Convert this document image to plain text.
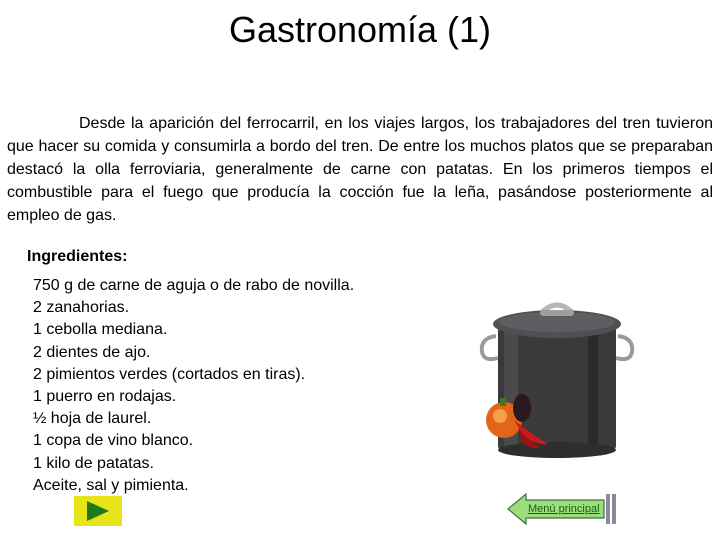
Gastronomía (1)

Desde la aparición del ferrocarril, en los viajes largos, los trabajadores del tren tuvieron que hacer su comida y consumirla a bordo del tren. De entre los muchos platos que se preparaban destacó la olla ferroviaria, generalmente de carne con patatas. En los primeros tiempos el combustible para el fuego que producía la cocción fue la leña, pasándose posteriormente al empleo de gas.

Ingredientes:
750 g de carne de aguja o de rabo de novilla.
2 zanahorias.
1 cebolla mediana.
2 dientes de ajo.
2 pimientos verdes (cortados en tiras).
1 puerro en rodajas.
½ hoja de laurel.
1 copa de vino blanco.
1 kilo de patatas.
Aceite, sal y pimienta.
Menú principal
